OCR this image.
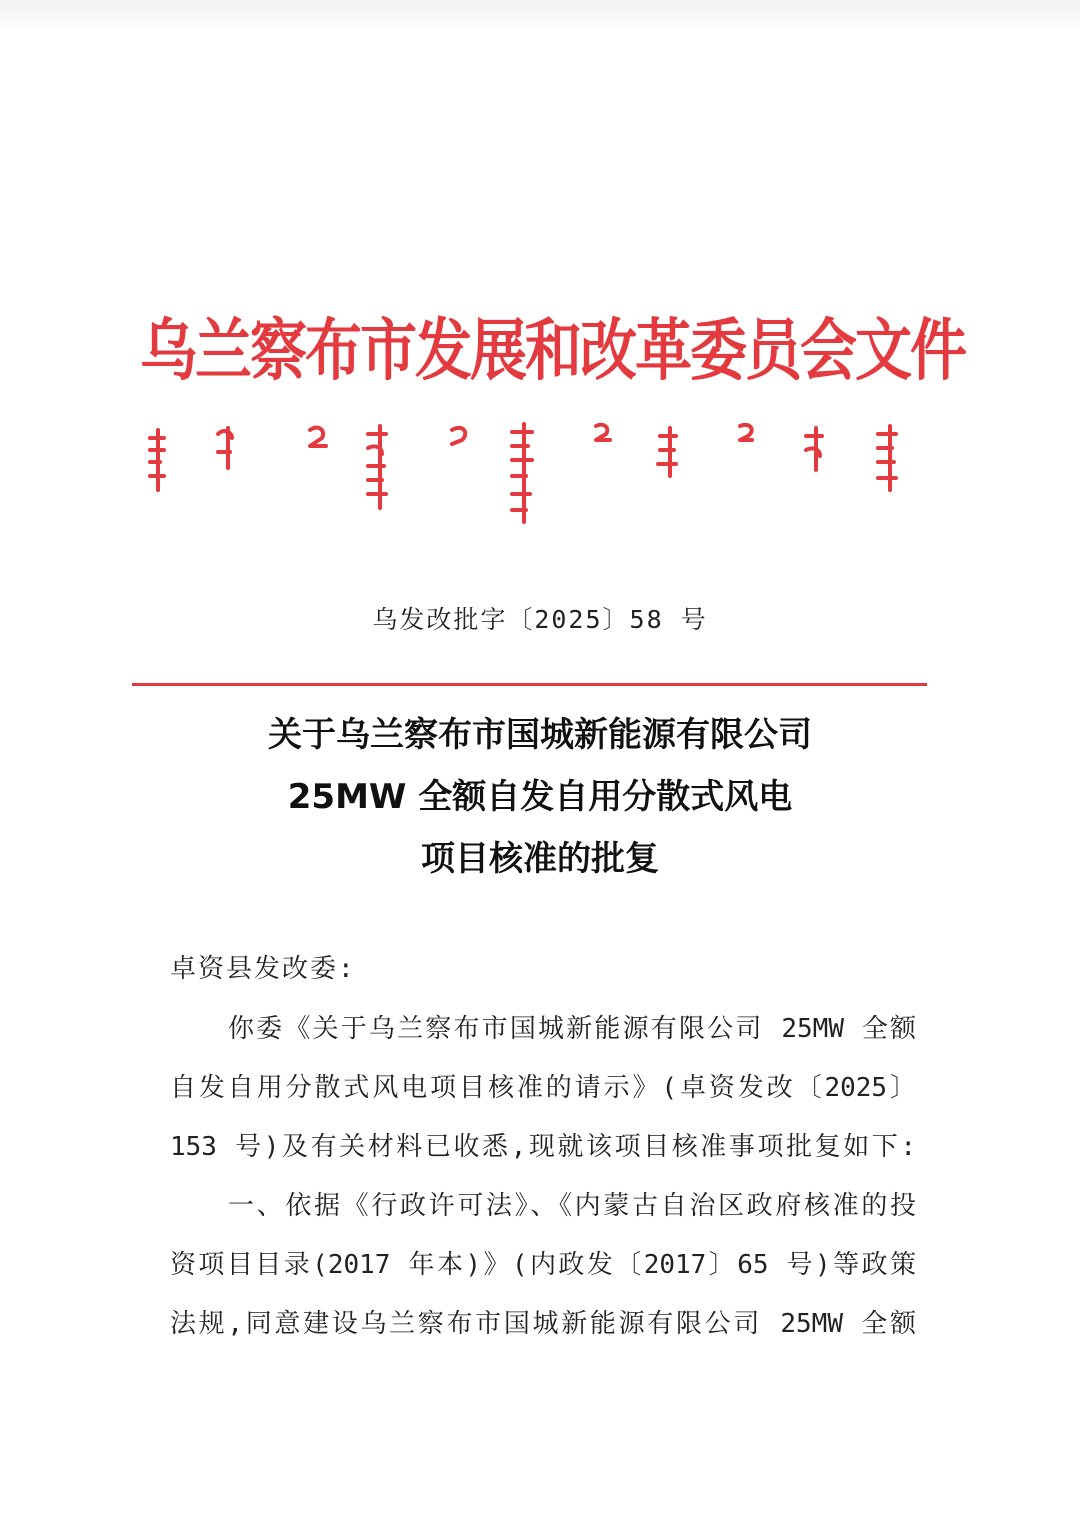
乌兰察布市发展和改革委员会文件
乌发改批字〔2025〕58 号
关于乌兰察布市国城新能源有限公司
25MW 全额自发自用分散式风电
项目核准的批复
卓资县发改委:
你委《关于乌兰察布市国城新能源有限公司 25MW 全额
自发自用分散式风电项目核准的请示》(卓资发改〔2025〕
153 号)及有关材料已收悉,现就该项目核准事项批复如下:
一、依据《行政许可法》、《内蒙古自治区政府核准的投
资项目目录(2017 年本)》(内政发〔2017〕65 号)等政策
法规,同意建设乌兰察布市国城新能源有限公司 25MW 全额
